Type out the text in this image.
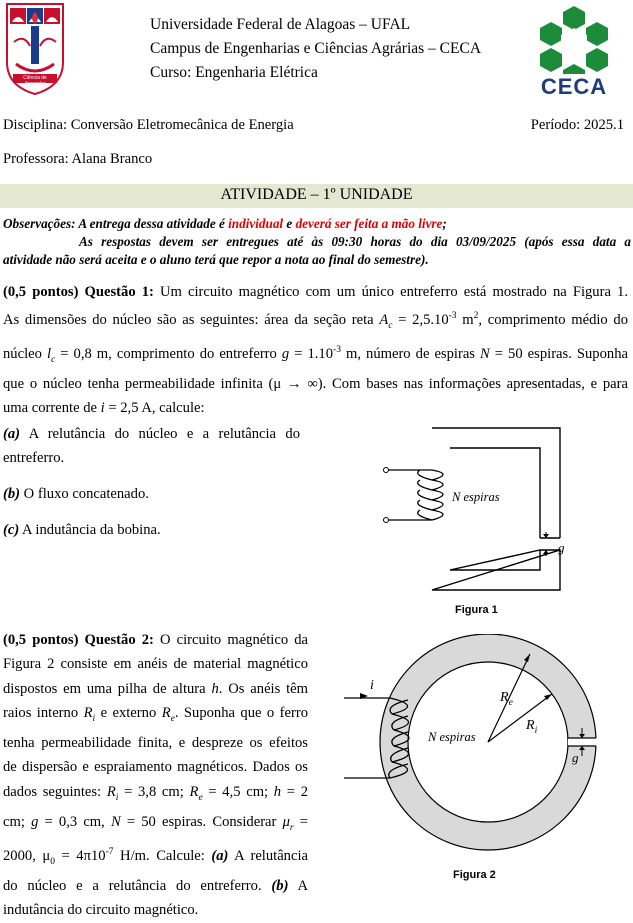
Ciência de Aprender
Universidade Federal de Alagoas – UFAL
Campus de Engenharias e Ciências Agrárias – CECA
Curso: Engenharia Elétrica
CECA
Disciplina: Conversão Eletromecânica de Energia	Período: 2025.1
Professora: Alana Branco
ATIVIDADE – 1º UNIDADE
Observações: A entrega dessa atividade é individual e deverá ser feita a mão livre;
As respostas devem ser entregues até às 09:30 horas do dia 03/09/2025 (após essa data a
atividade não será aceita e o aluno terá que repor a nota ao final do semestre).
(0,5 pontos) Questão 1: Um circuito magnético com um único entreferro está mostrado na Figura 1.
As dimensões do núcleo são as seguintes: área da seção reta $A_c = 2,5.10^{-3}$ $m^2$, comprimento médio do
núcleo $l_c = 0,8$ m, comprimento do entreferro $g = 1.10^{-3}$ m, número de espiras N = 50 espiras. Suponha
que o núcleo tenha permeabilidade infinita (μ → ∞). Com bases nas informações apresentadas, e para
uma corrente de i = 2,5 A, calcule:
(a) A relutância do núcleo e a relutância do
entreferro.
(b) O fluxo concatenado.
(c) A indutância da bobina.
N espiras
g
Figura 1
(0,5 pontos) Questão 2: O circuito magnético da
Figura 2 consiste em anéis de material magnético
dispostos em uma pilha de altura h. Os anéis têm
raios interno $R_i$ e externo $R_e$. Suponha que o ferro
tenha permeabilidade finita, e despreze os efeitos
de dispersão e espraiamento magnéticos. Dados os
dados seguintes: $R_i = 3,8$ cm; $R_e = 4,5$ cm; h = 2
cm; g = 0,3 cm, N = 50 espiras. Considerar $\mu_r$ =
2000, $\mu_0 = 4\pi 10^{-7}$ H/m. Calcule: (a) A relutância
do núcleo e a relutância do entreferro. (b) A
indutância do circuito magnético.
i
N espiras
$R_e$
$R_i$
g
Figura 2
